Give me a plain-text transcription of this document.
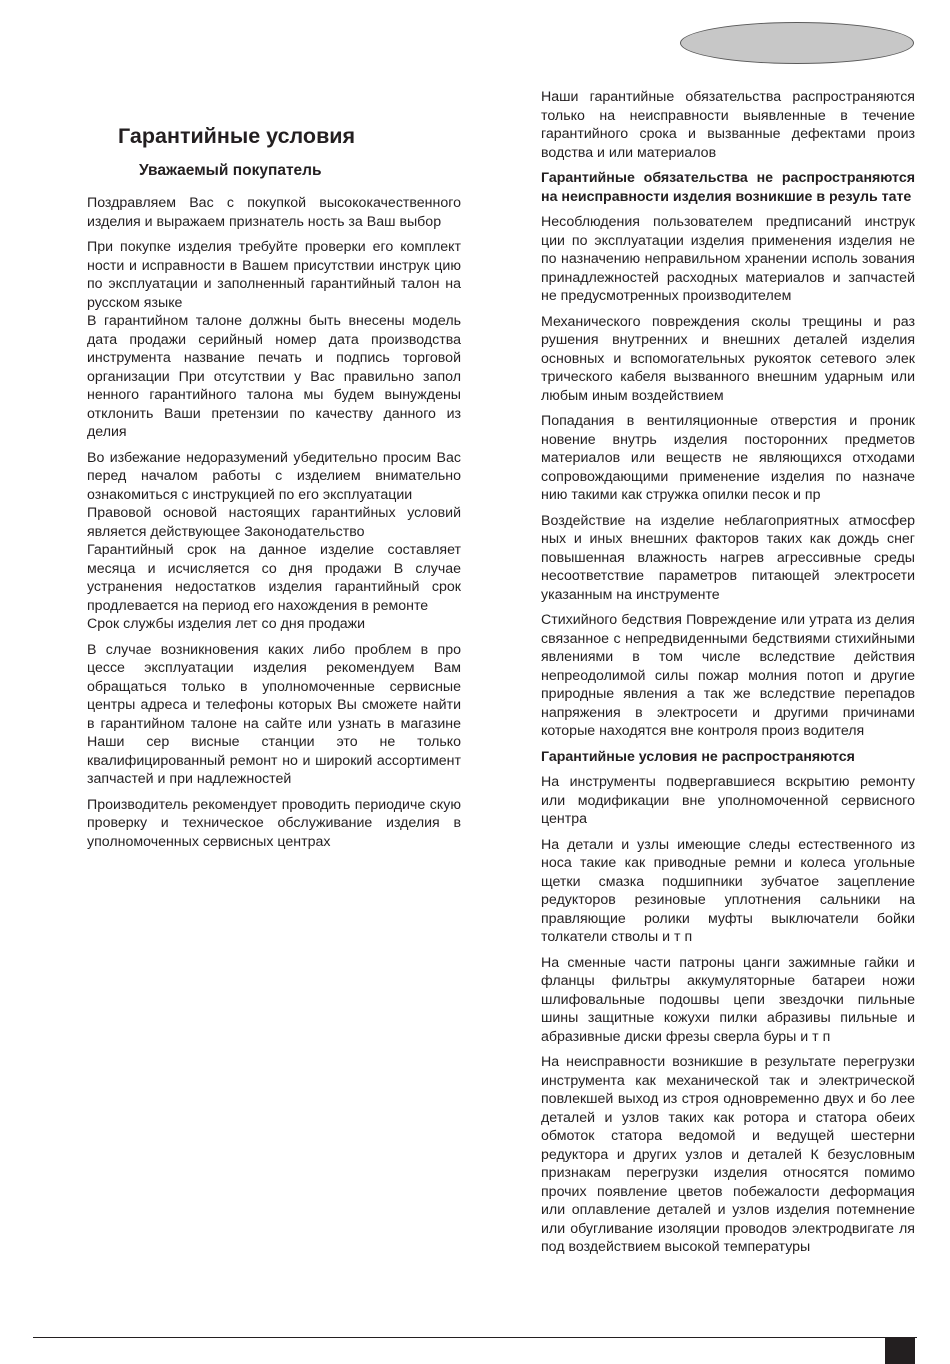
Гарантийные условия
Уважаемый покупатель

Поздравляем Вас с покупкой высококачественного изделия и выражаем признатель ность за Ваш выбор

При покупке изделия требуйте проверки его комплект ности и исправности в Вашем присутствии инструк цию по эксплуатации и заполненный гарантийный талон на русском языке

В гарантийном талоне должны быть внесены модель дата продажи серийный номер дата производства инструмента название печать и подпись торговой организации При отсутствии у Вас правильно запол ненного гарантийного талона мы будем вынуждены отклонить Ваши претензии по качеству данного из делия

Во избежание недоразумений убедительно просим Вас перед началом работы с изделием внимательно ознакомиться с инструкцией по его эксплуатации

Правовой основой настоящих гарантийных условий является действующее Законодательство

Гарантийный срок на данное изделие составляет месяца и исчисляется со дня продажи В случае устранения недостатков изделия гарантийный срок продлевается на период его нахождения в ремонте

Срок службы изделия лет со дня продажи

В случае возникновения каких либо проблем в про цессе эксплуатации изделия рекомендуем Вам обращаться только в уполномоченные сервисные центры адреса и телефоны которых Вы сможете найти в гарантийном талоне на сайте или узнать в магазине Наши сер висные станции это не только квалифицированный ремонт но и широкий ассортимент запчастей и при надлежностей

Производитель рекомендует проводить периодиче скую проверку и техническое обслуживание изделия в уполномоченных сервисных центрах

Наши гарантийные обязательства распространяются только на неисправности выявленные в течение гарантийного срока и вызванные дефектами произ водства и или материалов

Гарантийные обязательства не распространяются на неисправности изделия возникшие в резуль тате

Несоблюдения пользователем предписаний инструк ции по эксплуатации изделия применения изделия не по назначению неправильном хранении исполь зования принадлежностей расходных материалов и запчастей не предусмотренных производителем

Механического повреждения сколы трещины и раз рушения внутренних и внешних деталей изделия основных и вспомогательных рукояток сетевого элек трического кабеля вызванного внешним ударным или любым иным воздействием

Попадания в вентиляционные отверстия и проник новение внутрь изделия посторонних предметов материалов или веществ не являющихся отходами сопровождающими применение изделия по назначе нию такими как стружка опилки песок и пр

Воздействие на изделие неблагоприятных атмосфер ных и иных внешних факторов таких как дождь снег повышенная влажность нагрев агрессивные среды несоответствие параметров питающей электросети указанным на инструменте

Стихийного бедствия Повреждение или утрата из делия связанное с непредвиденными бедствиями стихийными явлениями в том числе вследствие действия непреодолимой силы пожар молния потоп и другие природные явления а так же вследствие перепадов напряжения в электросети и другими причинами которые находятся вне контроля произ водителя

Гарантийные условия не распространяются

На инструменты подвергавшиеся вскрытию ремонту или модификации вне уполномоченной сервисного центра

На детали и узлы имеющие следы естественного из носа такие как приводные ремни и колеса угольные щетки смазка подшипники зубчатое зацепление редукторов резиновые уплотнения сальники на правляющие ролики муфты выключатели бойки толкатели стволы и т п

На сменные части патроны цанги зажимные гайки и фланцы фильтры аккумуляторные батареи ножи шлифовальные подошвы цепи звездочки пильные шины защитные кожухи пилки абразивы пильные и абразивные диски фрезы сверла буры и т п

На неисправности возникшие в результате перегрузки инструмента как механической так и электрической повлекшей выход из строя одновременно двух и бо лее деталей и узлов таких как ротора и статора обеих обмоток статора ведомой и ведущей шестерни редуктора и других узлов и деталей К безусловным признакам перегрузки изделия относятся помимо прочих появление цветов побежалости деформация или оплавление деталей и узлов изделия потемнение или обугливание изоляции проводов электродвигате ля под воздействием высокой температуры
